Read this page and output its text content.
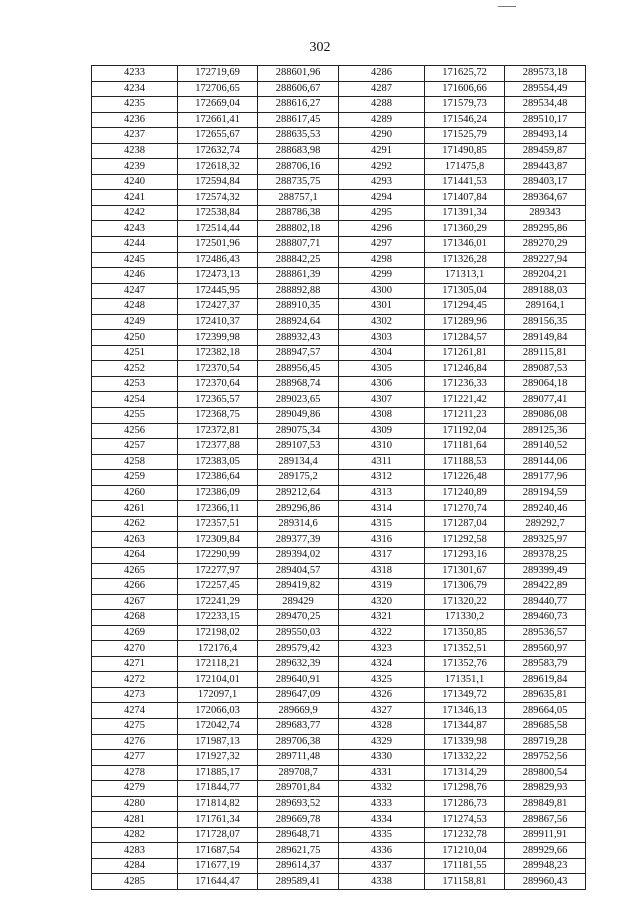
302
4233	172719,69	288601,96	4286	171625,72	289573,18
4234	172706,65	288606,67	4287	171606,66	289554,49
4235	172669,04	288616,27	4288	171579,73	289534,48
4236	172661,41	288617,45	4289	171546,24	289510,17
4237	172655,67	288635,53	4290	171525,79	289493,14
4238	172632,74	288683,98	4291	171490,85	289459,87
4239	172618,32	288706,16	4292	171475,8	289443,87
4240	172594,84	288735,75	4293	171441,53	289403,17
4241	172574,32	288757,1	4294	171407,84	289364,67
4242	172538,84	288786,38	4295	171391,34	289343
4243	172514,44	288802,18	4296	171360,29	289295,86
4244	172501,96	288807,71	4297	171346,01	289270,29
4245	172486,43	288842,25	4298	171326,28	289227,94
4246	172473,13	288861,39	4299	171313,1	289204,21
4247	172445,95	288892,88	4300	171305,04	289188,03
4248	172427,37	288910,35	4301	171294,45	289164,1
4249	172410,37	288924,64	4302	171289,96	289156,35
4250	172399,98	288932,43	4303	171284,57	289149,84
4251	172382,18	288947,57	4304	171261,81	289115,81
4252	172370,54	288956,45	4305	171246,84	289087,53
4253	172370,64	288968,74	4306	171236,33	289064,18
4254	172365,57	289023,65	4307	171221,42	289077,41
4255	172368,75	289049,86	4308	171211,23	289086,08
4256	172372,81	289075,34	4309	171192,04	289125,36
4257	172377,88	289107,53	4310	171181,64	289140,52
4258	172383,05	289134,4	4311	171188,53	289144,06
4259	172386,64	289175,2	4312	171226,48	289177,96
4260	172386,09	289212,64	4313	171240,89	289194,59
4261	172366,11	289296,86	4314	171270,74	289240,46
4262	172357,51	289314,6	4315	171287,04	289292,7
4263	172309,84	289377,39	4316	171292,58	289325,97
4264	172290,99	289394,02	4317	171293,16	289378,25
4265	172277,97	289404,57	4318	171301,67	289399,49
4266	172257,45	289419,82	4319	171306,79	289422,89
4267	172241,29	289429	4320	171320,22	289440,77
4268	172233,15	289470,25	4321	171330,2	289460,73
4269	172198,02	289550,03	4322	171350,85	289536,57
4270	172176,4	289579,42	4323	171352,51	289560,97
4271	172118,21	289632,39	4324	171352,76	289583,79
4272	172104,01	289640,91	4325	171351,1	289619,84
4273	172097,1	289647,09	4326	171349,72	289635,81
4274	172066,03	289669,9	4327	171346,13	289664,05
4275	172042,74	289683,77	4328	171344,87	289685,58
4276	171987,13	289706,38	4329	171339,98	289719,28
4277	171927,32	289711,48	4330	171332,22	289752,56
4278	171885,17	289708,7	4331	171314,29	289800,54
4279	171844,77	289701,84	4332	171298,76	289829,93
4280	171814,82	289693,52	4333	171286,73	289849,81
4281	171761,34	289669,78	4334	171274,53	289867,56
4282	171728,07	289648,71	4335	171232,78	289911,91
4283	171687,54	289621,75	4336	171210,04	289929,66
4284	171677,19	289614,37	4337	171181,55	289948,23
4285	171644,47	289589,41	4338	171158,81	289960,43
